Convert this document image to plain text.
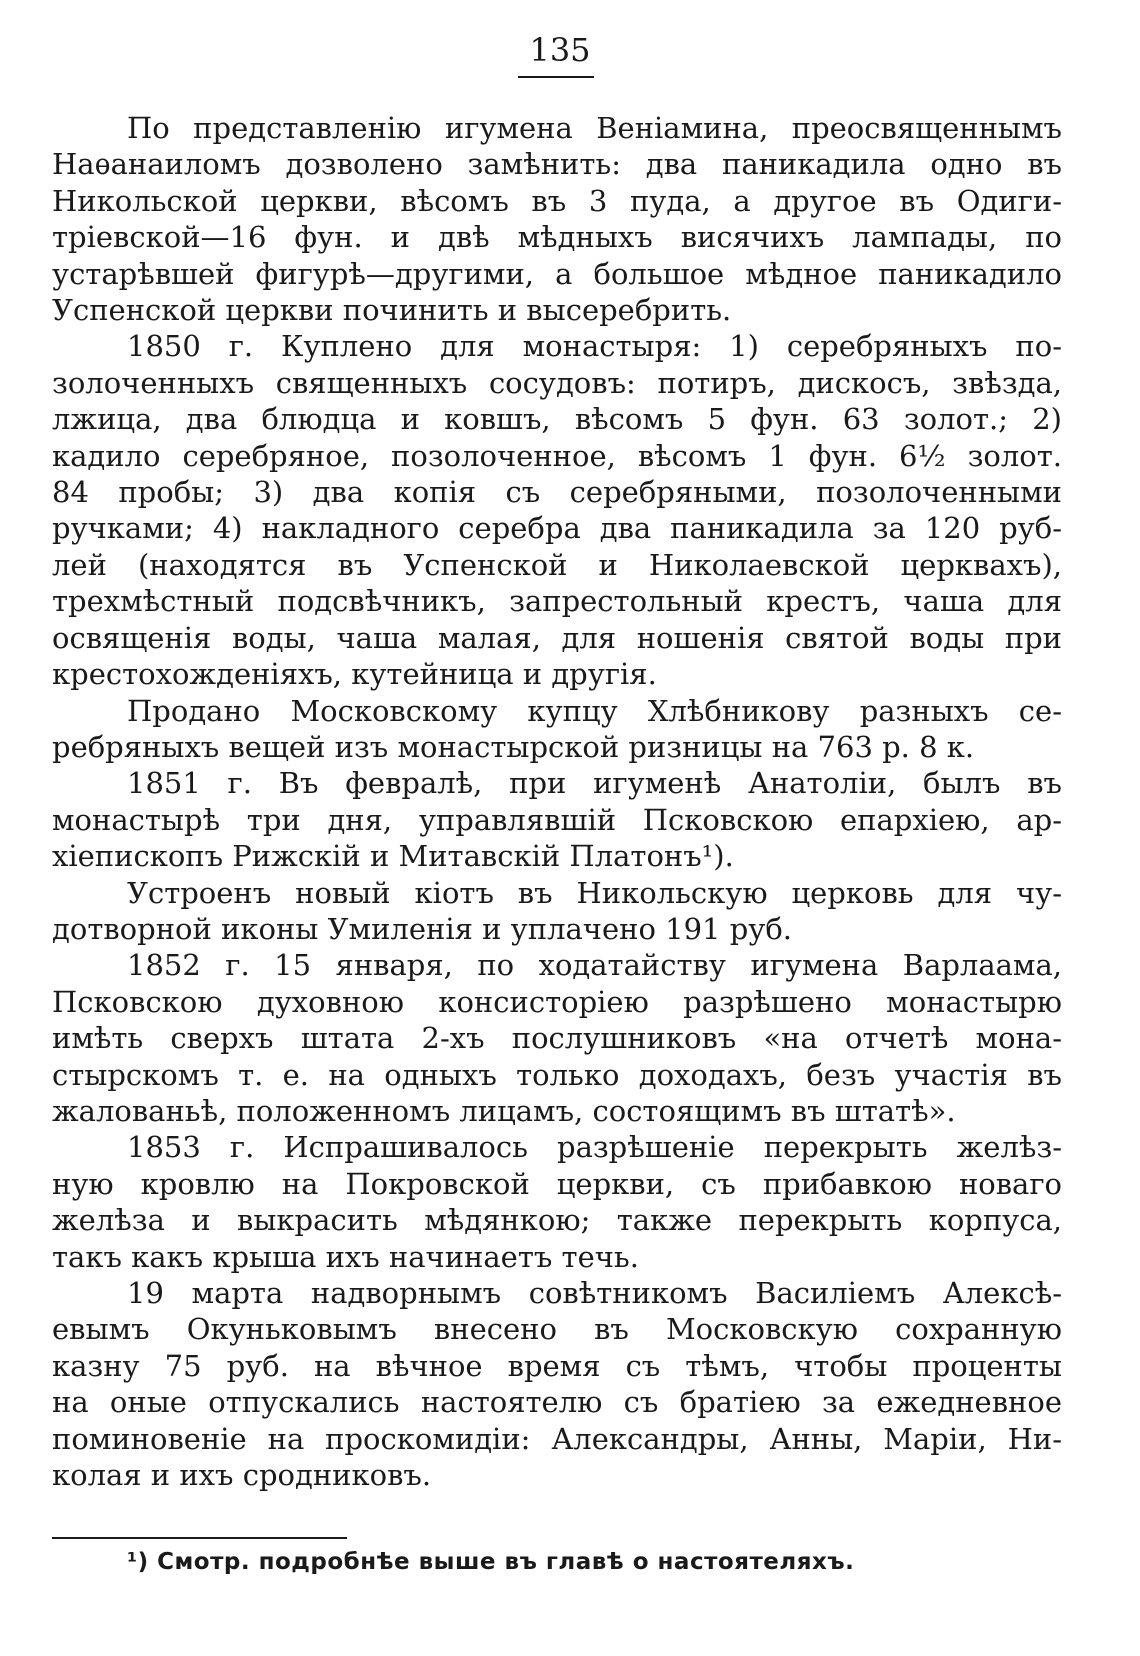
135

По представленію игумена Веніамина, преосвященнымъ
Наѳанаиломъ дозволено замѣнить: два паникадила одно въ
Никольской церкви, вѣсомъ въ 3 пуда, а другое въ Одиги-
тріевской—16 фун. и двѣ мѣдныхъ висячихъ лампады, по
устарѣвшей фигурѣ—другими, а большое мѣдное паникадило
Успенской церкви починить и высеребрить.

1850 г. Куплено для монастыря: 1) серебряныхъ по-
золоченныхъ священныхъ сосудовъ: потиръ, дискосъ, звѣзда,
лжица, два блюдца и ковшъ, вѣсомъ 5 фун. 63 золот.; 2)
кадило серебряное, позолоченное, вѣсомъ 1 фун. 6½ золот.
84 пробы; 3) два копія съ серебряными, позолоченными
ручками; 4) накладного серебра два паникадила за 120 руб-
лей (находятся въ Успенской и Николаевской церквахъ),
трехмѣстный подсвѣчникъ, запрестольный крестъ, чаша для
освященія воды, чаша малая, для ношенія святой воды при
крестохожденіяхъ, кутейница и другія.

Продано Московскому купцу Хлѣбникову разныхъ се-
ребряныхъ вещей изъ монастырской ризницы на 763 р. 8 к.

1851 г. Въ февралѣ, при игуменѣ Анатоліи, былъ въ
монастырѣ три дня, управлявшій Псковскою епархіею, ар-
хіепископъ Рижскій и Митавскій Платонъ¹).

Устроенъ новый кіотъ въ Никольскую церковь для чу-
дотворной иконы Умиленія и уплачено 191 руб.

1852 г. 15 января, по ходатайству игумена Варлаама,
Псковскою духовною консисторіею разрѣшено монастырю
имѣть сверхъ штата 2-хъ послушниковъ «на отчетѣ мона-
стырскомъ т. е. на одныхъ только доходахъ, безъ участія въ
жалованьѣ, положенномъ лицамъ, состоящимъ въ штатѣ».

1853 г. Испрашивалось разрѣшеніе перекрыть желѣз-
ную кровлю на Покровской церкви, съ прибавкою новаго
желѣза и выкрасить мѣдянкою; также перекрыть корпуса,
такъ какъ крыша ихъ начинаетъ течь.

19 марта надворнымъ совѣтникомъ Василіемъ Алексѣ-
евымъ Окуньковымъ внесено въ Московскую сохранную
казну 75 руб. на вѣчное время съ тѣмъ, чтобы проценты
на оные отпускались настоятелю съ братіею за ежедневное
поминовеніе на проскомидіи: Александры, Анны, Маріи, Ни-
колая и ихъ сродниковъ.

¹) Смотр. подробнѣе выше въ главѣ о настоятеляхъ.
